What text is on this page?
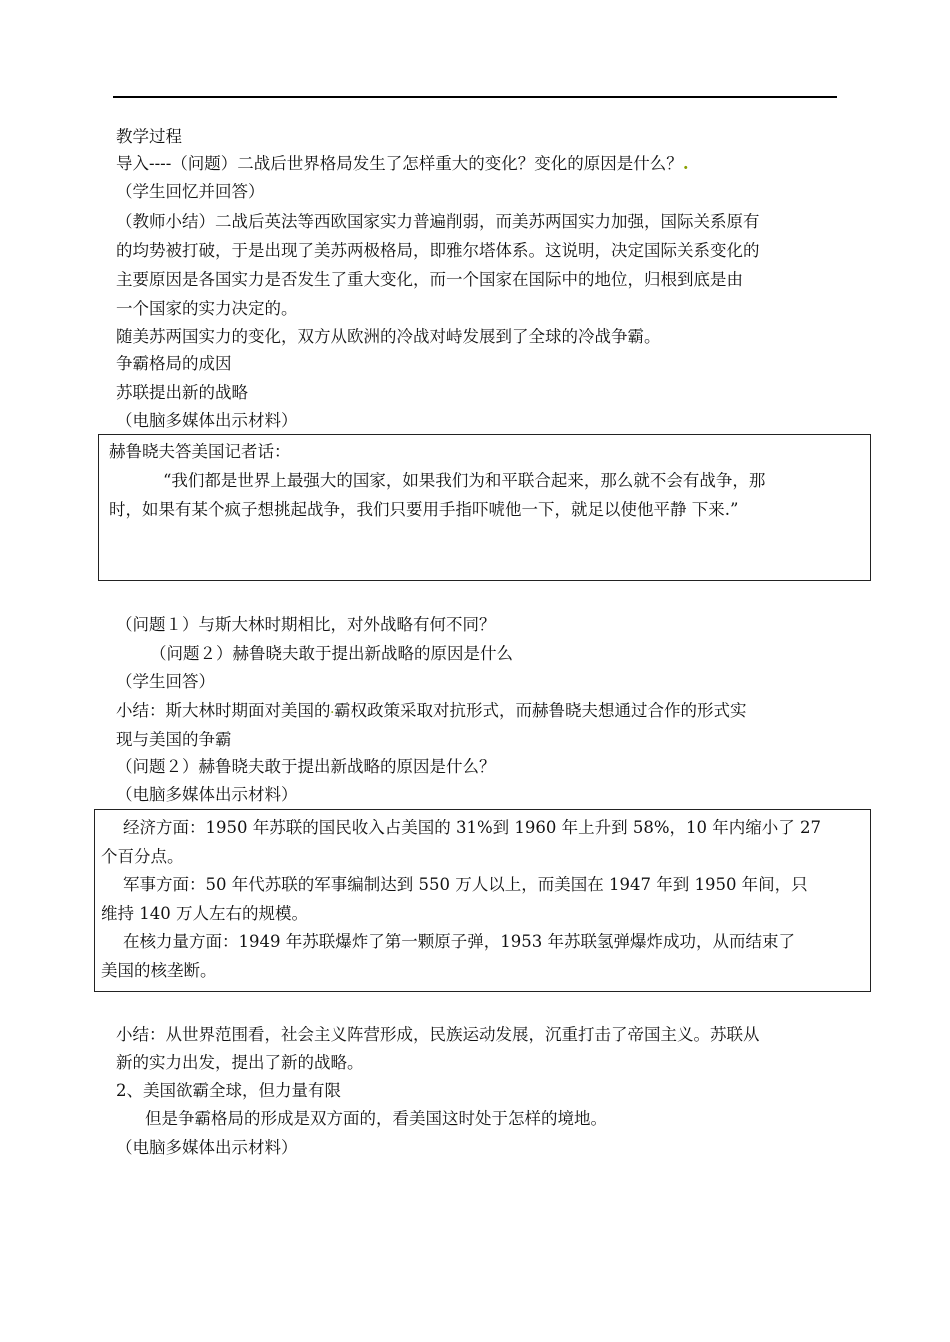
教学过程
导入----（问题）二战后世界格局发生了怎样重大的变化？变化的原因是什么？.
（学生回忆并回答）
（教师小结）二战后英法等西欧国家实力普遍削弱，而美苏两国实力加强，国际关系原有
的均势被打破，于是出现了美苏两极格局，即雅尔塔体系。这说明，决定国际关系变化的
主要原因是各国实力是否发生了重大变化，而一个国家在国际中的地位，归根到底是由
一个国家的实力决定的。
随美苏两国实力的变化，双方从欧洲的冷战对峙发展到了全球的冷战争霸。
争霸格局的成因
苏联提出新的战略
（电脑多媒体出示材料）
赫鲁晓夫答美国记者话：
“我们都是世界上最强大的国家，如果我们为和平联合起来，那么就不会有战争，那
时，如果有某个疯子想挑起战争，我们只要用手指吓唬他一下，就足以使他平静 下来.”
（问题１）与斯大林时期相比，对外战略有何不同？
（问题２）赫鲁晓夫敢于提出新战略的原因是什么
（学生回答）
小结：斯大林时期面对美国的.霸权政策采取对抗形式，而赫鲁晓夫想通过合作的形式实
现与美国的争霸
（问题２）赫鲁晓夫敢于提出新战略的原因是什么？
（电脑多媒体出示材料）
经济方面：1950 年苏联的国民收入占美国的 31%到 1960 年上升到 58%，10 年内缩小了 27
个百分点。
军事方面：50 年代苏联的军事编制达到 550 万人以上，而美国在 1947 年到 1950 年间，只
维持 140 万人左右的规模。
在核力量方面：1949 年苏联爆炸了第一颗原子弹，1953 年苏联氢弹爆炸成功，从而结束了
美国的核垄断。
小结：从世界范围看，社会主义阵营形成，民族运动发展，沉重打击了帝国主义。苏联从
新的实力出发，提出了新的战略。
2、美国欲霸全球，但力量有限
但是争霸格局的形成是双方面的，看美国这时处于怎样的境地。
（电脑多媒体出示材料）
